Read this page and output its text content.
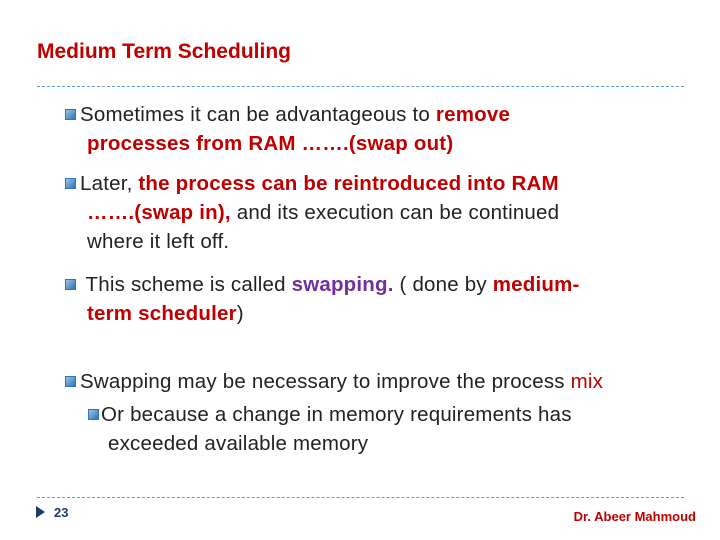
Medium Term Scheduling
Sometimes it can be advantageous to remove
processes from RAM …….(swap out)
Later, the process can be reintroduced into RAM
…….(swap in), and its execution can be continued
where it left off.
This scheme is called swapping. ( done by medium-
term scheduler)
Swapping may be necessary to improve the process mix
Or because a change in memory requirements has
exceeded available memory
23	Dr. Abeer Mahmoud
